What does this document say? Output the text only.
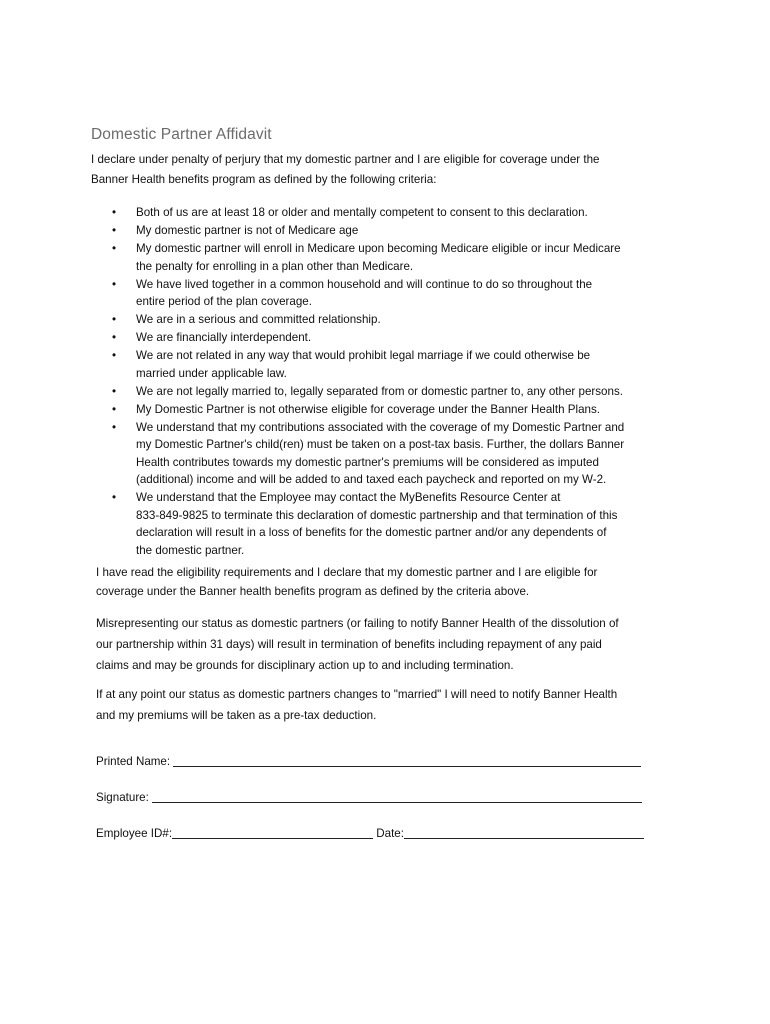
Domestic Partner Affidavit
I declare under penalty of perjury that my domestic partner and I are eligible for coverage under the
Banner Health benefits program as defined by the following criteria:
• Both of us are at least 18 or older and mentally competent to consent to this declaration.
• My domestic partner is not of Medicare age
• My domestic partner will enroll in Medicare upon becoming Medicare eligible or incur Medicare
the penalty for enrolling in a plan other than Medicare.
• We have lived together in a common household and will continue to do so throughout the
entire period of the plan coverage.
• We are in a serious and committed relationship.
• We are financially interdependent.
• We are not related in any way that would prohibit legal marriage if we could otherwise be
married under applicable law.
• We are not legally married to, legally separated from or domestic partner to, any other persons.
• My Domestic Partner is not otherwise eligible for coverage under the Banner Health Plans.
• We understand that my contributions associated with the coverage of my Domestic Partner and
my Domestic Partner's child(ren) must be taken on a post-tax basis. Further, the dollars Banner
Health contributes towards my domestic partner's premiums will be considered as imputed
(additional) income and will be added to and taxed each paycheck and reported on my W-2.
• We understand that the Employee may contact the MyBenefits Resource Center at
833-849-9825 to terminate this declaration of domestic partnership and that termination of this
declaration will result in a loss of benefits for the domestic partner and/or any dependents of
the domestic partner.
I have read the eligibility requirements and I declare that my domestic partner and I are eligible for
coverage under the Banner health benefits program as defined by the criteria above.
Misrepresenting our status as domestic partners (or failing to notify Banner Health of the dissolution of
our partnership within 31 days) will result in termination of benefits including repayment of any paid
claims and may be grounds for disciplinary action up to and including termination.
If at any point our status as domestic partners changes to "married" I will need to notify Banner Health
and my premiums will be taken as a pre-tax deduction.
Printed Name:
Signature:
Employee ID#:	Date:
